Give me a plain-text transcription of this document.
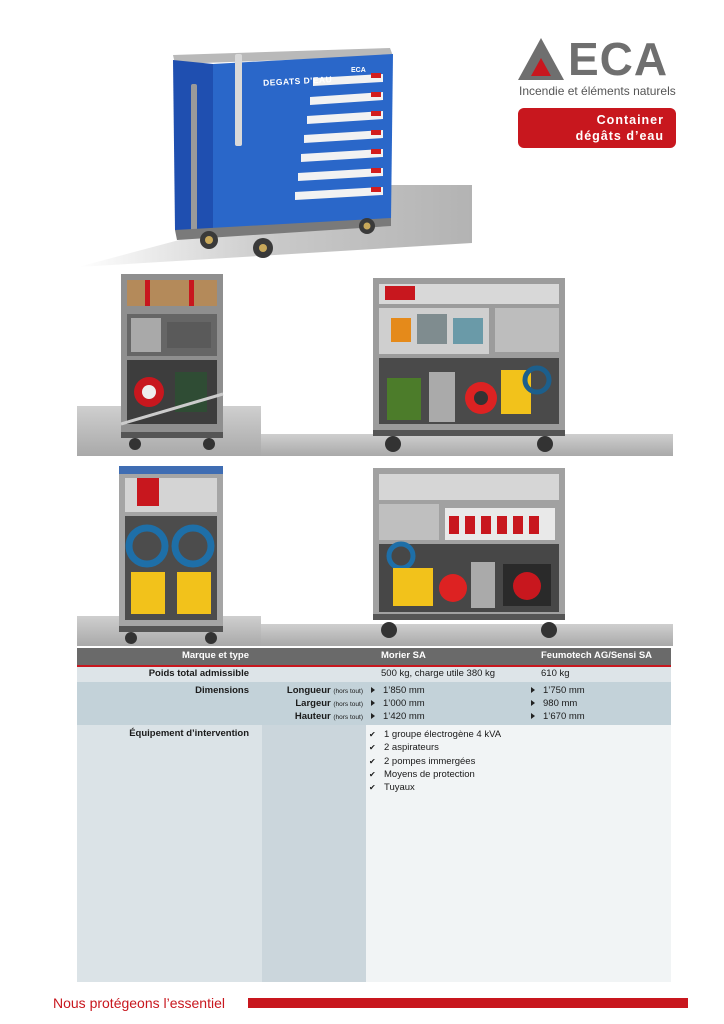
ECA
Incendie et éléments naturels
Container
dégâts d’eau
DEGATS D'EAU
ECA
Marque et type	Morier SA	Feumotech AG/Sensi SA
Poids total admissible	500 kg, charge utile 380 kg	610 kg
Dimensions	Longueur (hors tout)	1’850 mm	1’750 mm
Largeur (hors tout)	1’000 mm	980 mm
Hauteur (hors tout)	1’420 mm	1’670 mm
Équipement d’intervention	✔ 1 groupe électrogène 4 kVA
✔ 2 aspirateurs
✔ 2 pompes immergées
✔ Moyens de protection
✔ Tuyaux
Nous protégeons l’essentiel
